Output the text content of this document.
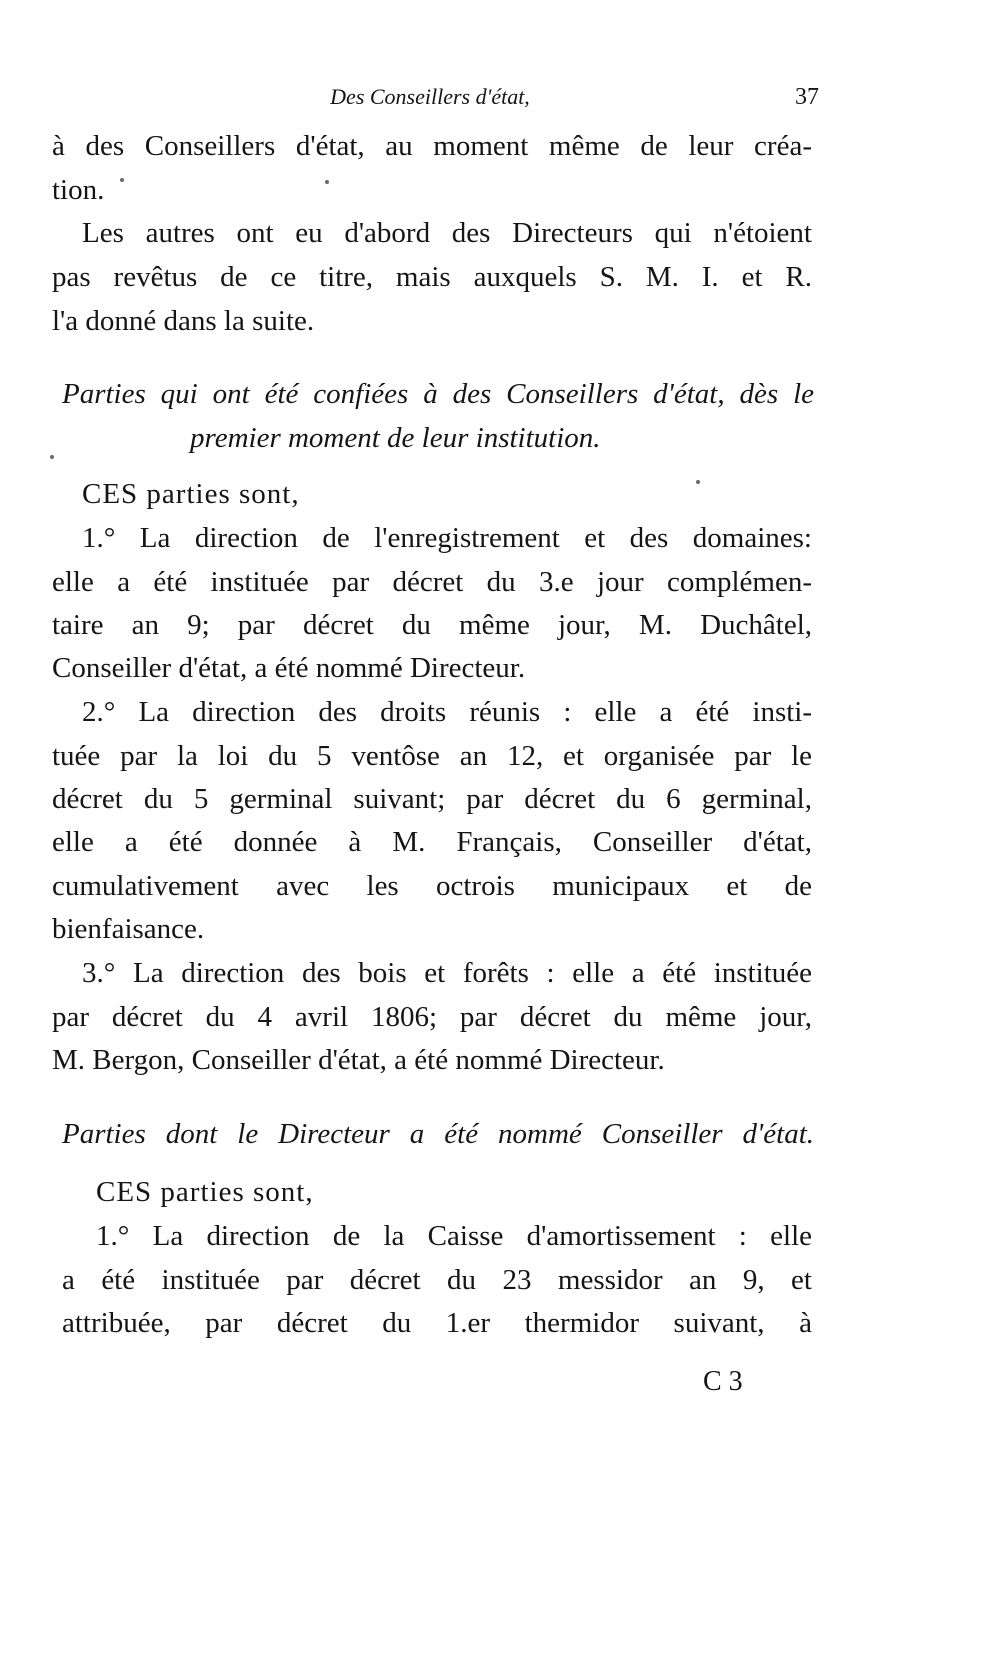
Des Conseillers d'état,	37
à des Conseillers d'état, au moment même de leur créa-
tion.
Les autres ont eu d'abord des Directeurs qui n'étoient
pas revêtus de ce titre, mais auxquels S. M. I. et R.
l'a donné dans la suite.
Parties qui ont été confiées à des Conseillers d'état, dès le
premier moment de leur institution.
CES parties sont,
1.° La direction de l'enregistrement et des domaines:
elle a été instituée par décret du 3.e jour complémen-
taire an 9; par décret du même jour, M. Duchâtel,
Conseiller d'état, a été nommé Directeur.
2.° La direction des droits réunis : elle a été insti-
tuée par la loi du 5 ventôse an 12, et organisée par le
décret du 5 germinal suivant; par décret du 6 germinal,
elle a été donnée à M. Français, Conseiller d'état,
cumulativement avec les octrois municipaux et de
bienfaisance.
3.° La direction des bois et forêts : elle a été instituée
par décret du 4 avril 1806; par décret du même jour,
M. Bergon, Conseiller d'état, a été nommé Directeur.
Parties dont le Directeur a été nommé Conseiller d'état.
CES parties sont,
1.° La direction de la Caisse d'amortissement : elle
a été instituée par décret du 23 messidor an 9, et
attribuée, par décret du 1.er thermidor suivant, à
C 3
